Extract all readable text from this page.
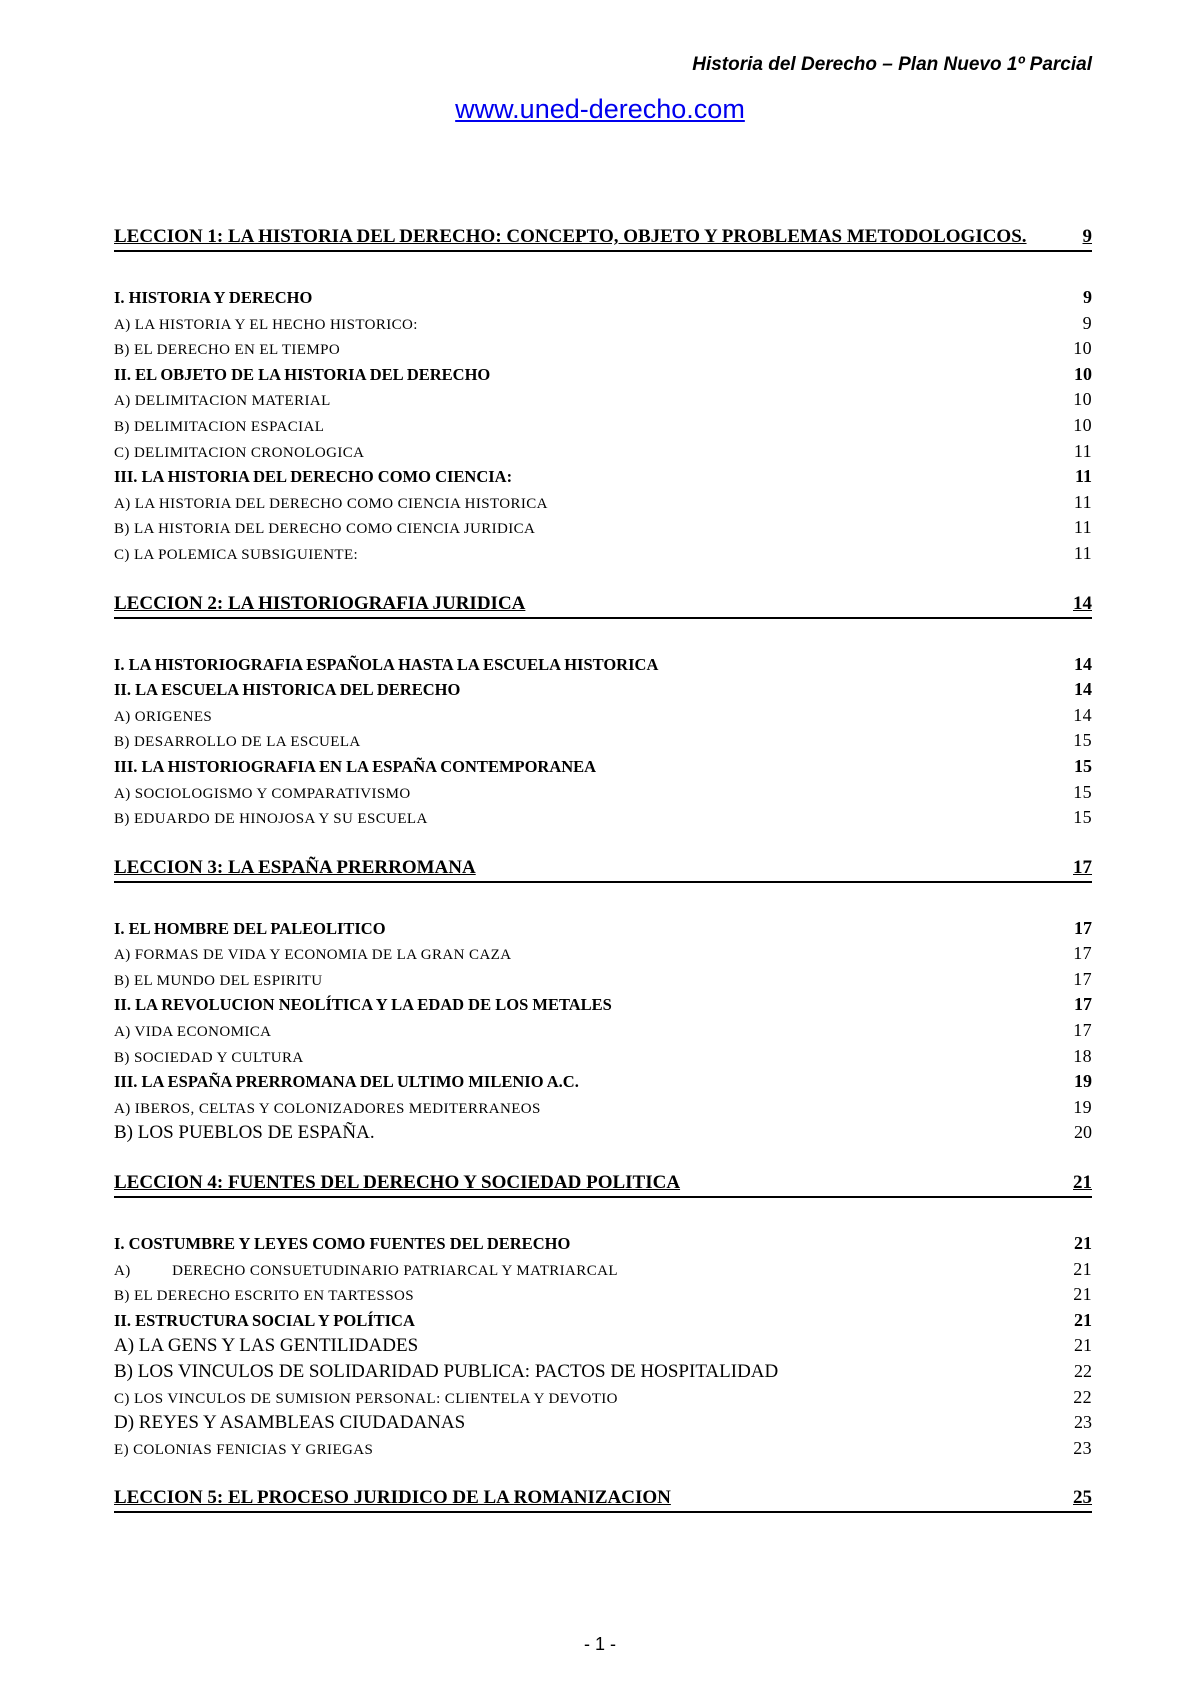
Historia del Derecho – Plan Nuevo 1º Parcial
www.uned-derecho.com
LECCION 1: LA HISTORIA DEL DERECHO: CONCEPTO, OBJETO Y PROBLEMAS METODOLOGICOS.	9
I. HISTORIA Y DERECHO	9
A) LA HISTORIA Y EL HECHO HISTORICO:	9
B) EL DERECHO EN EL TIEMPO	10
II. EL OBJETO DE LA HISTORIA DEL DERECHO	10
A) DELIMITACION MATERIAL	10
B) DELIMITACION ESPACIAL	10
C) DELIMITACION CRONOLOGICA	11
III. LA HISTORIA DEL DERECHO COMO CIENCIA:	11
A) LA HISTORIA DEL DERECHO COMO CIENCIA HISTORICA	11
B) LA HISTORIA DEL DERECHO COMO CIENCIA JURIDICA	11
C) LA POLEMICA SUBSIGUIENTE:	11
LECCION 2: LA HISTORIOGRAFIA JURIDICA	14
I. LA HISTORIOGRAFIA ESPAÑOLA HASTA LA ESCUELA HISTORICA	14
II. LA ESCUELA HISTORICA DEL DERECHO	14
A) ORIGENES	14
B) DESARROLLO DE LA ESCUELA	15
III. LA HISTORIOGRAFIA EN LA ESPAÑA CONTEMPORANEA	15
A) SOCIOLOGISMO Y COMPARATIVISMO	15
B) EDUARDO DE HINOJOSA Y SU ESCUELA	15
LECCION 3: LA ESPAÑA PRERROMANA	17
I. EL HOMBRE DEL PALEOLITICO	17
A) FORMAS DE VIDA Y ECONOMIA DE LA GRAN CAZA	17
B) EL MUNDO DEL ESPIRITU	17
II. LA REVOLUCION NEOLÍTICA Y LA EDAD DE LOS METALES	17
A) VIDA ECONOMICA	17
B) SOCIEDAD Y CULTURA	18
III. LA ESPAÑA PRERROMANA DEL ULTIMO MILENIO A.C.	19
A) IBEROS, CELTAS Y COLONIZADORES MEDITERRANEOS	19
B) LOS PUEBLOS DE ESPAÑA.	20
LECCION 4: FUENTES DEL DERECHO Y SOCIEDAD POLITICA	21
I. COSTUMBRE Y LEYES COMO FUENTES DEL DERECHO	21
A)          DERECHO CONSUETUDINARIO PATRIARCAL Y MATRIARCAL	21
B) EL DERECHO ESCRITO EN TARTESSOS	21
II. ESTRUCTURA SOCIAL Y POLÍTICA	21
A) LA GENS Y LAS GENTILIDADES	21
B) LOS VINCULOS DE SOLIDARIDAD PUBLICA: PACTOS DE HOSPITALIDAD	22
C) LOS VINCULOS DE SUMISION PERSONAL: CLIENTELA Y DEVOTIO	22
D) REYES Y ASAMBLEAS CIUDADANAS	23
E) COLONIAS FENICIAS Y GRIEGAS	23
LECCION 5: EL PROCESO JURIDICO DE LA ROMANIZACION	25
- 1 -
